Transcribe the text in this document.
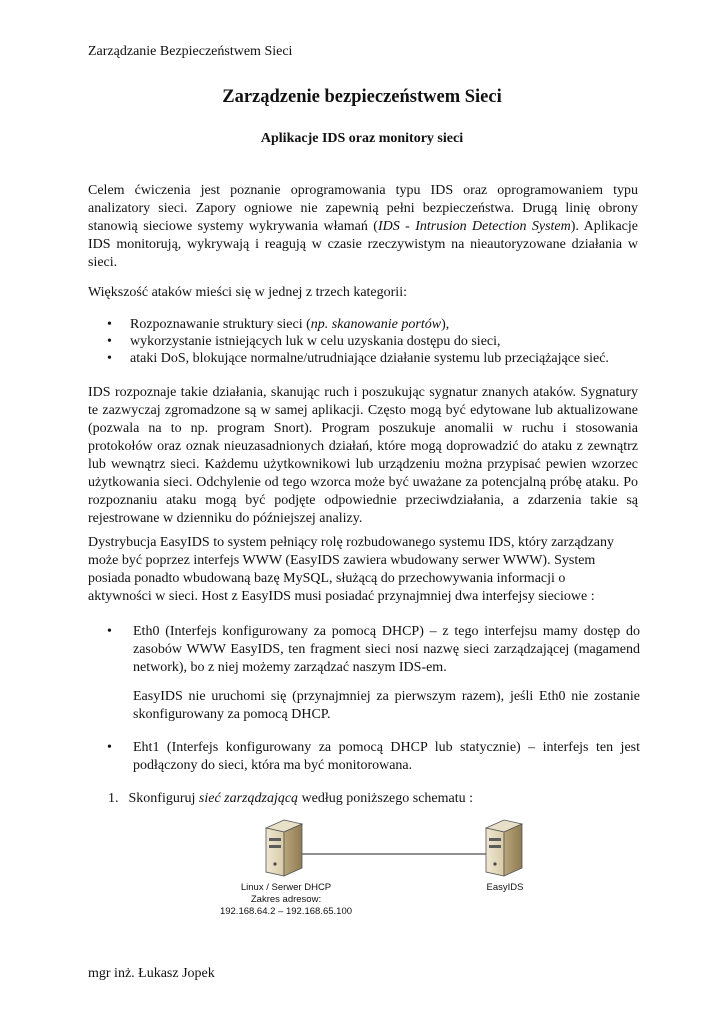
Zarządzanie Bezpieczeństwem Sieci
Zarządzenie bezpieczeństwem Sieci
Aplikacje IDS oraz monitory sieci
Celem ćwiczenia jest poznanie oprogramowania typu IDS oraz oprogramowaniem typu analizatory sieci. Zapory ogniowe nie zapewnią pełni bezpieczeństwa. Drugą linię obrony stanowią sieciowe systemy wykrywania włamań (IDS - Intrusion Detection System). Aplikacje IDS monitorują, wykrywają i reagują w czasie rzeczywistym na nieautoryzowane działania w sieci.
Większość ataków mieści się w jednej z trzech kategorii:
• Rozpoznawanie struktury sieci (np. skanowanie portów),
• wykorzystanie istniejących luk w celu uzyskania dostępu do sieci,
• ataki DoS, blokujące normalne/utrudniające działanie systemu lub przeciążające sieć.
IDS rozpoznaje takie działania, skanując ruch i poszukując sygnatur znanych ataków. Sygnatury te zazwyczaj zgromadzone są w samej aplikacji. Często mogą być edytowane lub aktualizowane (pozwala na to np. program Snort). Program poszukuje anomalii w ruchu i stosowania protokołów oraz oznak nieuzasadnionych działań, które mogą doprowadzić do ataku z zewnątrz lub wewnątrz sieci. Każdemu użytkownikowi lub urządzeniu można przypisać pewien wzorzec użytkowania sieci. Odchylenie od tego wzorca może być uważane za potencjalną próbę ataku. Po rozpoznaniu ataku mogą być podjęte odpowiednie przeciwdziałania, a zdarzenia takie są rejestrowane w dzienniku do późniejszej analizy.
Dystrybucja EasyIDS to system pełniący rolę rozbudowanego systemu IDS, który zarządzany
może być poprzez interfejs WWW (EasyIDS zawiera wbudowany serwer WWW). System
posiada ponadto wbudowaną bazę MySQL, służącą do przechowywania informacji o
aktywności w sieci. Host z EasyIDS musi posiadać przynajmniej dwa interfejsy sieciowe :
• Eth0 (Interfejs konfigurowany za pomocą DHCP) – z tego interfejsu mamy dostęp do zasobów WWW EasyIDS, ten fragment sieci nosi nazwę sieci zarządzającej (magamend network), bo z niej możemy zarządzać naszym IDS-em.
EasyIDS nie uruchomi się (przynajmniej za pierwszym razem), jeśli Eth0 nie zostanie skonfigurowany za pomocą DHCP.
• Eht1 (Interfejs konfigurowany za pomocą DHCP lub statycznie) – interfejs ten jest podłączony do sieci, która ma być monitorowana.
1. Skonfiguruj sieć zarządzającą według poniższego schematu :
Linux / Serwer DHCP
Zakres adresow:
192.168.64.2 – 192.168.65.100
EasyIDS
mgr inż. Łukasz Jopek
